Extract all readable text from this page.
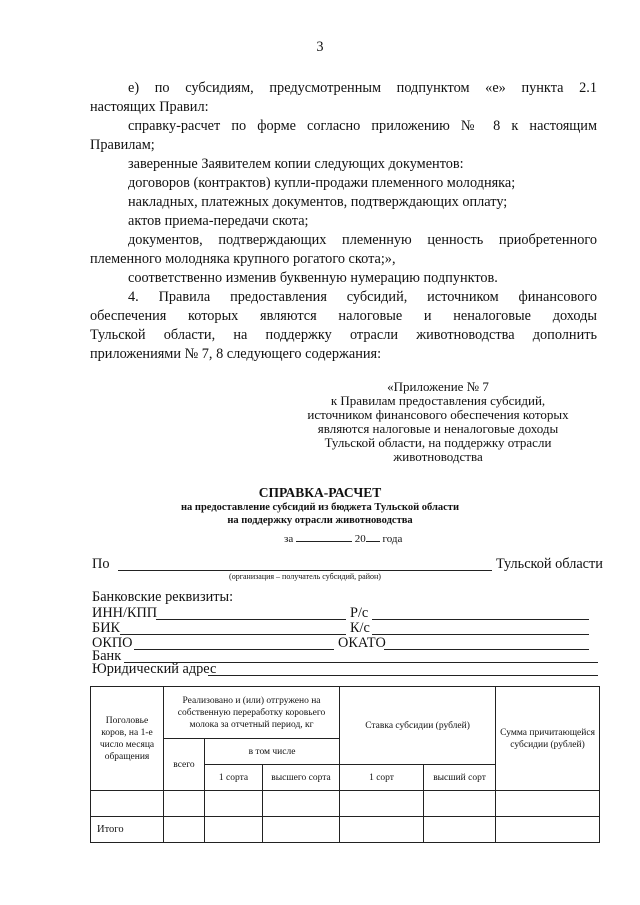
3
е) по субсидиям, предусмотренным подпунктом «е» пункта 2.1
настоящих Правил:
справку-расчет по форме согласно приложению № 8 к настоящим
Правилам;
заверенные Заявителем копии следующих документов:
договоров (контрактов) купли-продажи племенного молодняка;
накладных, платежных документов, подтверждающих оплату;
актов приема-передачи скота;
документов, подтверждающих племенную ценность приобретенного
племенного молодняка крупного рогатого скота;»,
соответственно изменив буквенную нумерацию подпунктов.
4. Правила предоставления субсидий, источником финансового
обеспечения которых являются налоговые и неналоговые доходы
Тульской области, на поддержку отрасли животноводства дополнить
приложениями № 7, 8 следующего содержания:
«Приложение № 7
к Правилам предоставления субсидий,
источником финансового обеспечения которых
являются налоговые и неналоговые доходы
Тульской области, на поддержку отрасли
животноводства
СПРАВКА-РАСЧЕТ
на предоставление субсидий из бюджета Тульской области
на поддержку отрасли животноводства
за	20 года
По	Тульской области
(организация – получатель субсидий, район)
Банковские реквизиты:
ИНН/КПП	Р/с
БИК	К/с
ОКПО	ОКАТО
Банк
Юридический адрес
Поголовье коров, на 1-е число месяца обращения	Реализовано и (или) отгружено на собственную переработку коровьего молока за отчетный период, кг			Ставка субсидии (рублей)		Сумма причитающейся субсидии (рублей)
	всего	в том числе				
		1 сорта	высшего сорта	1 сорт	высший сорт	

Итого						
